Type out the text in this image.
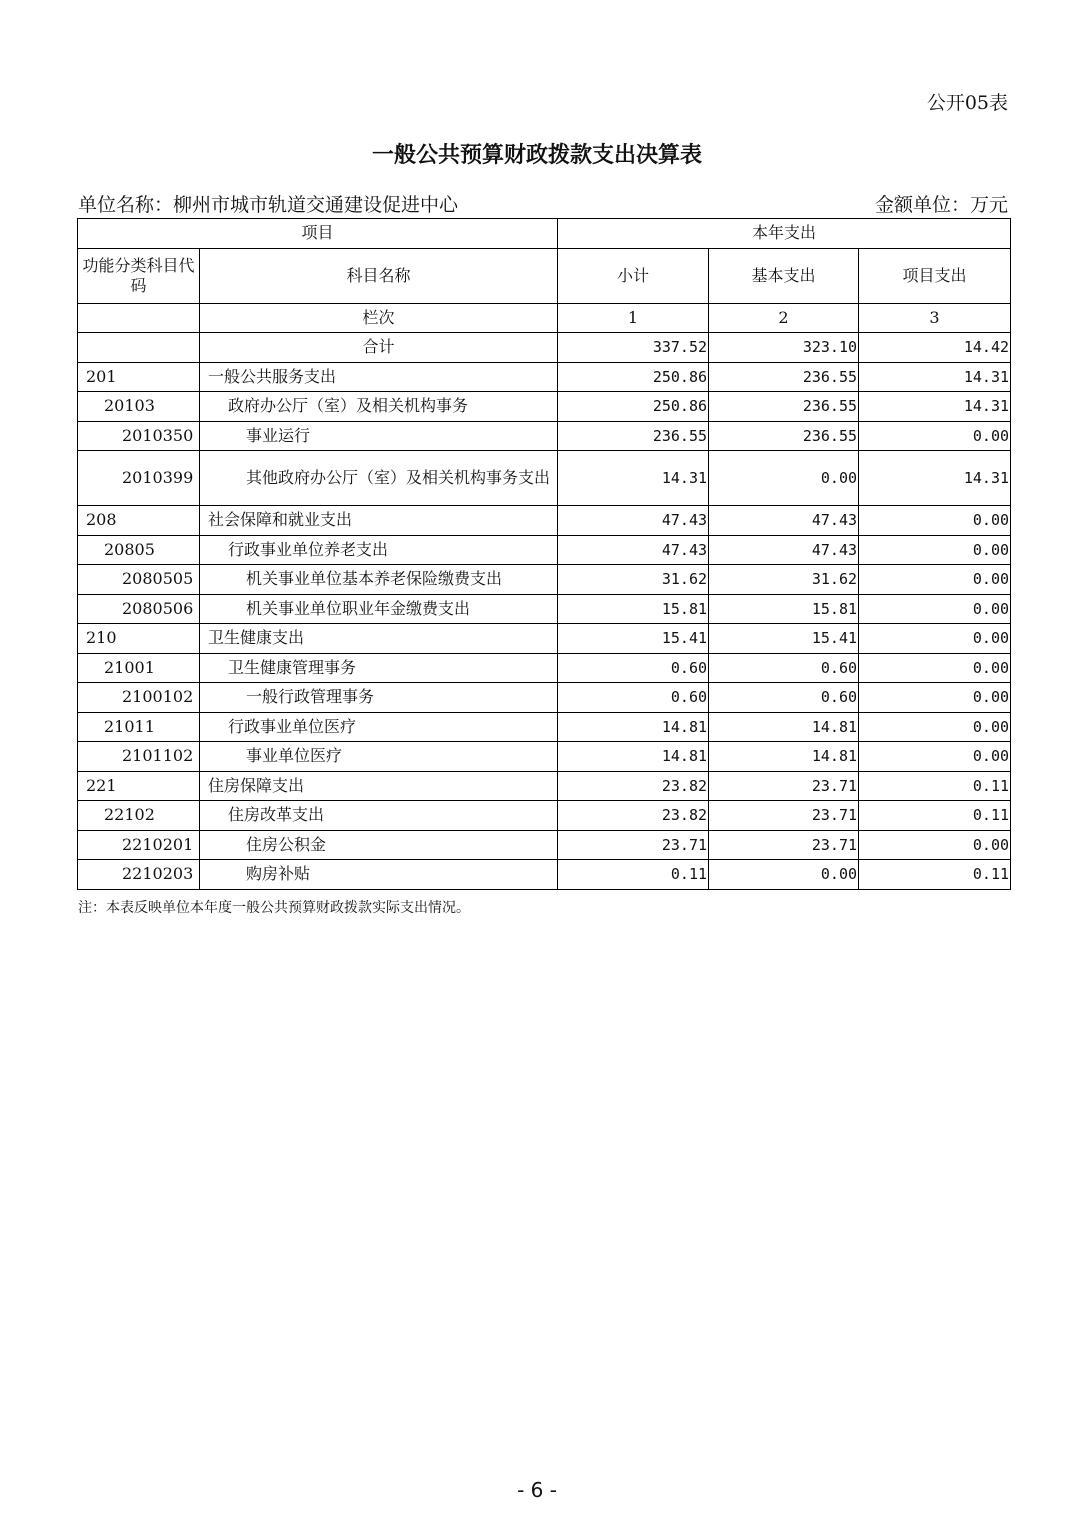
公开05表
一般公共预算财政拨款支出决算表
单位名称：柳州市城市轨道交通建设促进中心	金额单位：万元
项目		本年支出		
功能分类科目代码	科目名称	小计	基本支出	项目支出
	栏次	1	2	3
	合计	337.52	323.10	14.42
201	一般公共服务支出	250.86	236.55	14.31
20103	政府办公厅（室）及相关机构事务	250.86	236.55	14.31
2010350	事业运行	236.55	236.55	0.00
2010399	其他政府办公厅（室）及相关机构事务支出	14.31	0.00	14.31
208	社会保障和就业支出	47.43	47.43	0.00
20805	行政事业单位养老支出	47.43	47.43	0.00
2080505	机关事业单位基本养老保险缴费支出	31.62	31.62	0.00
2080506	机关事业单位职业年金缴费支出	15.81	15.81	0.00
210	卫生健康支出	15.41	15.41	0.00
21001	卫生健康管理事务	0.60	0.60	0.00
2100102	一般行政管理事务	0.60	0.60	0.00
21011	行政事业单位医疗	14.81	14.81	0.00
2101102	事业单位医疗	14.81	14.81	0.00
221	住房保障支出	23.82	23.71	0.11
22102	住房改革支出	23.82	23.71	0.11
2210201	住房公积金	23.71	23.71	0.00
2210203	购房补贴	0.11	0.00	0.11
注：本表反映单位本年度一般公共预算财政拨款实际支出情况。
- 6 -
